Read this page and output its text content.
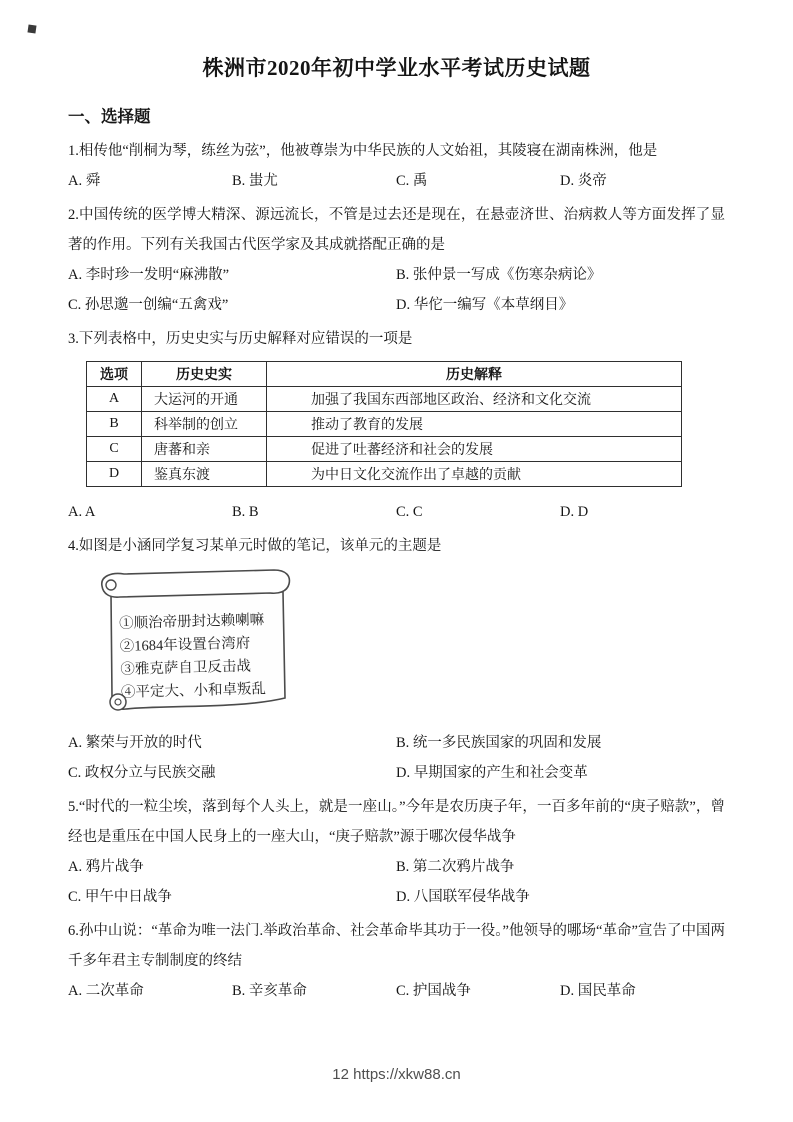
株洲市2020年初中学业水平考试历史试题
一、选择题

1.相传他“削桐为琴，练丝为弦”，他被尊崇为中华民族的人文始祖，其陵寝在湖南株洲，他是

A. 舜	B. 蚩尤	C. 禹	D. 炎帝

2.中国传统的医学博大精深、源远流长，不管是过去还是现在，在悬壶济世、治病救人等方面发挥了显著的作用。下列有关我国古代医学家及其成就搭配正确的是

A. 李时珍一发明“麻沸散”	B. 张仲景一写成《伤寒杂病论》
C. 孙思邈一创编“五禽戏”	D. 华佗一编写《本草纲目》

3.下列表格中，历史史实与历史解释对应错误的一项是

选项	历史史实	历史解释
A	大运河的开通	加强了我国东西部地区政治、经济和文化交流
B	科举制的创立	推动了教育的发展
C	唐蕃和亲	促进了吐蕃经济和社会的发展
D	鉴真东渡	为中日文化交流作出了卓越的贡献
A. A	B. B	C. C	D. D

4.如图是小涵同学复习某单元时做的笔记，该单元的主题是

①顺治帝册封达赖喇嘛
②1684年设置台湾府
③雅克萨自卫反击战
④平定大、小和卓叛乱
A. 繁荣与开放的时代	B. 统一多民族国家的巩固和发展
C. 政权分立与民族交融	D. 早期国家的产生和社会变革

5.“时代的一粒尘埃，落到每个人头上，就是一座山。”今年是农历庚子年，一百多年前的“庚子赔款”，曾经也是重压在中国人民身上的一座大山，“庚子赔款”源于哪次侵华战争

A. 鸦片战争	B. 第二次鸦片战争
C. 甲午中日战争	D. 八国联军侵华战争

6.孙中山说：“革命为唯一法门.举政治革命、社会革命毕其功于一役。”他领导的哪场“革命”宣告了中国两千多年君主专制制度的终结

A. 二次革命	B. 辛亥革命	C. 护国战争	D. 国民革命
12 https://xkw88.cn
